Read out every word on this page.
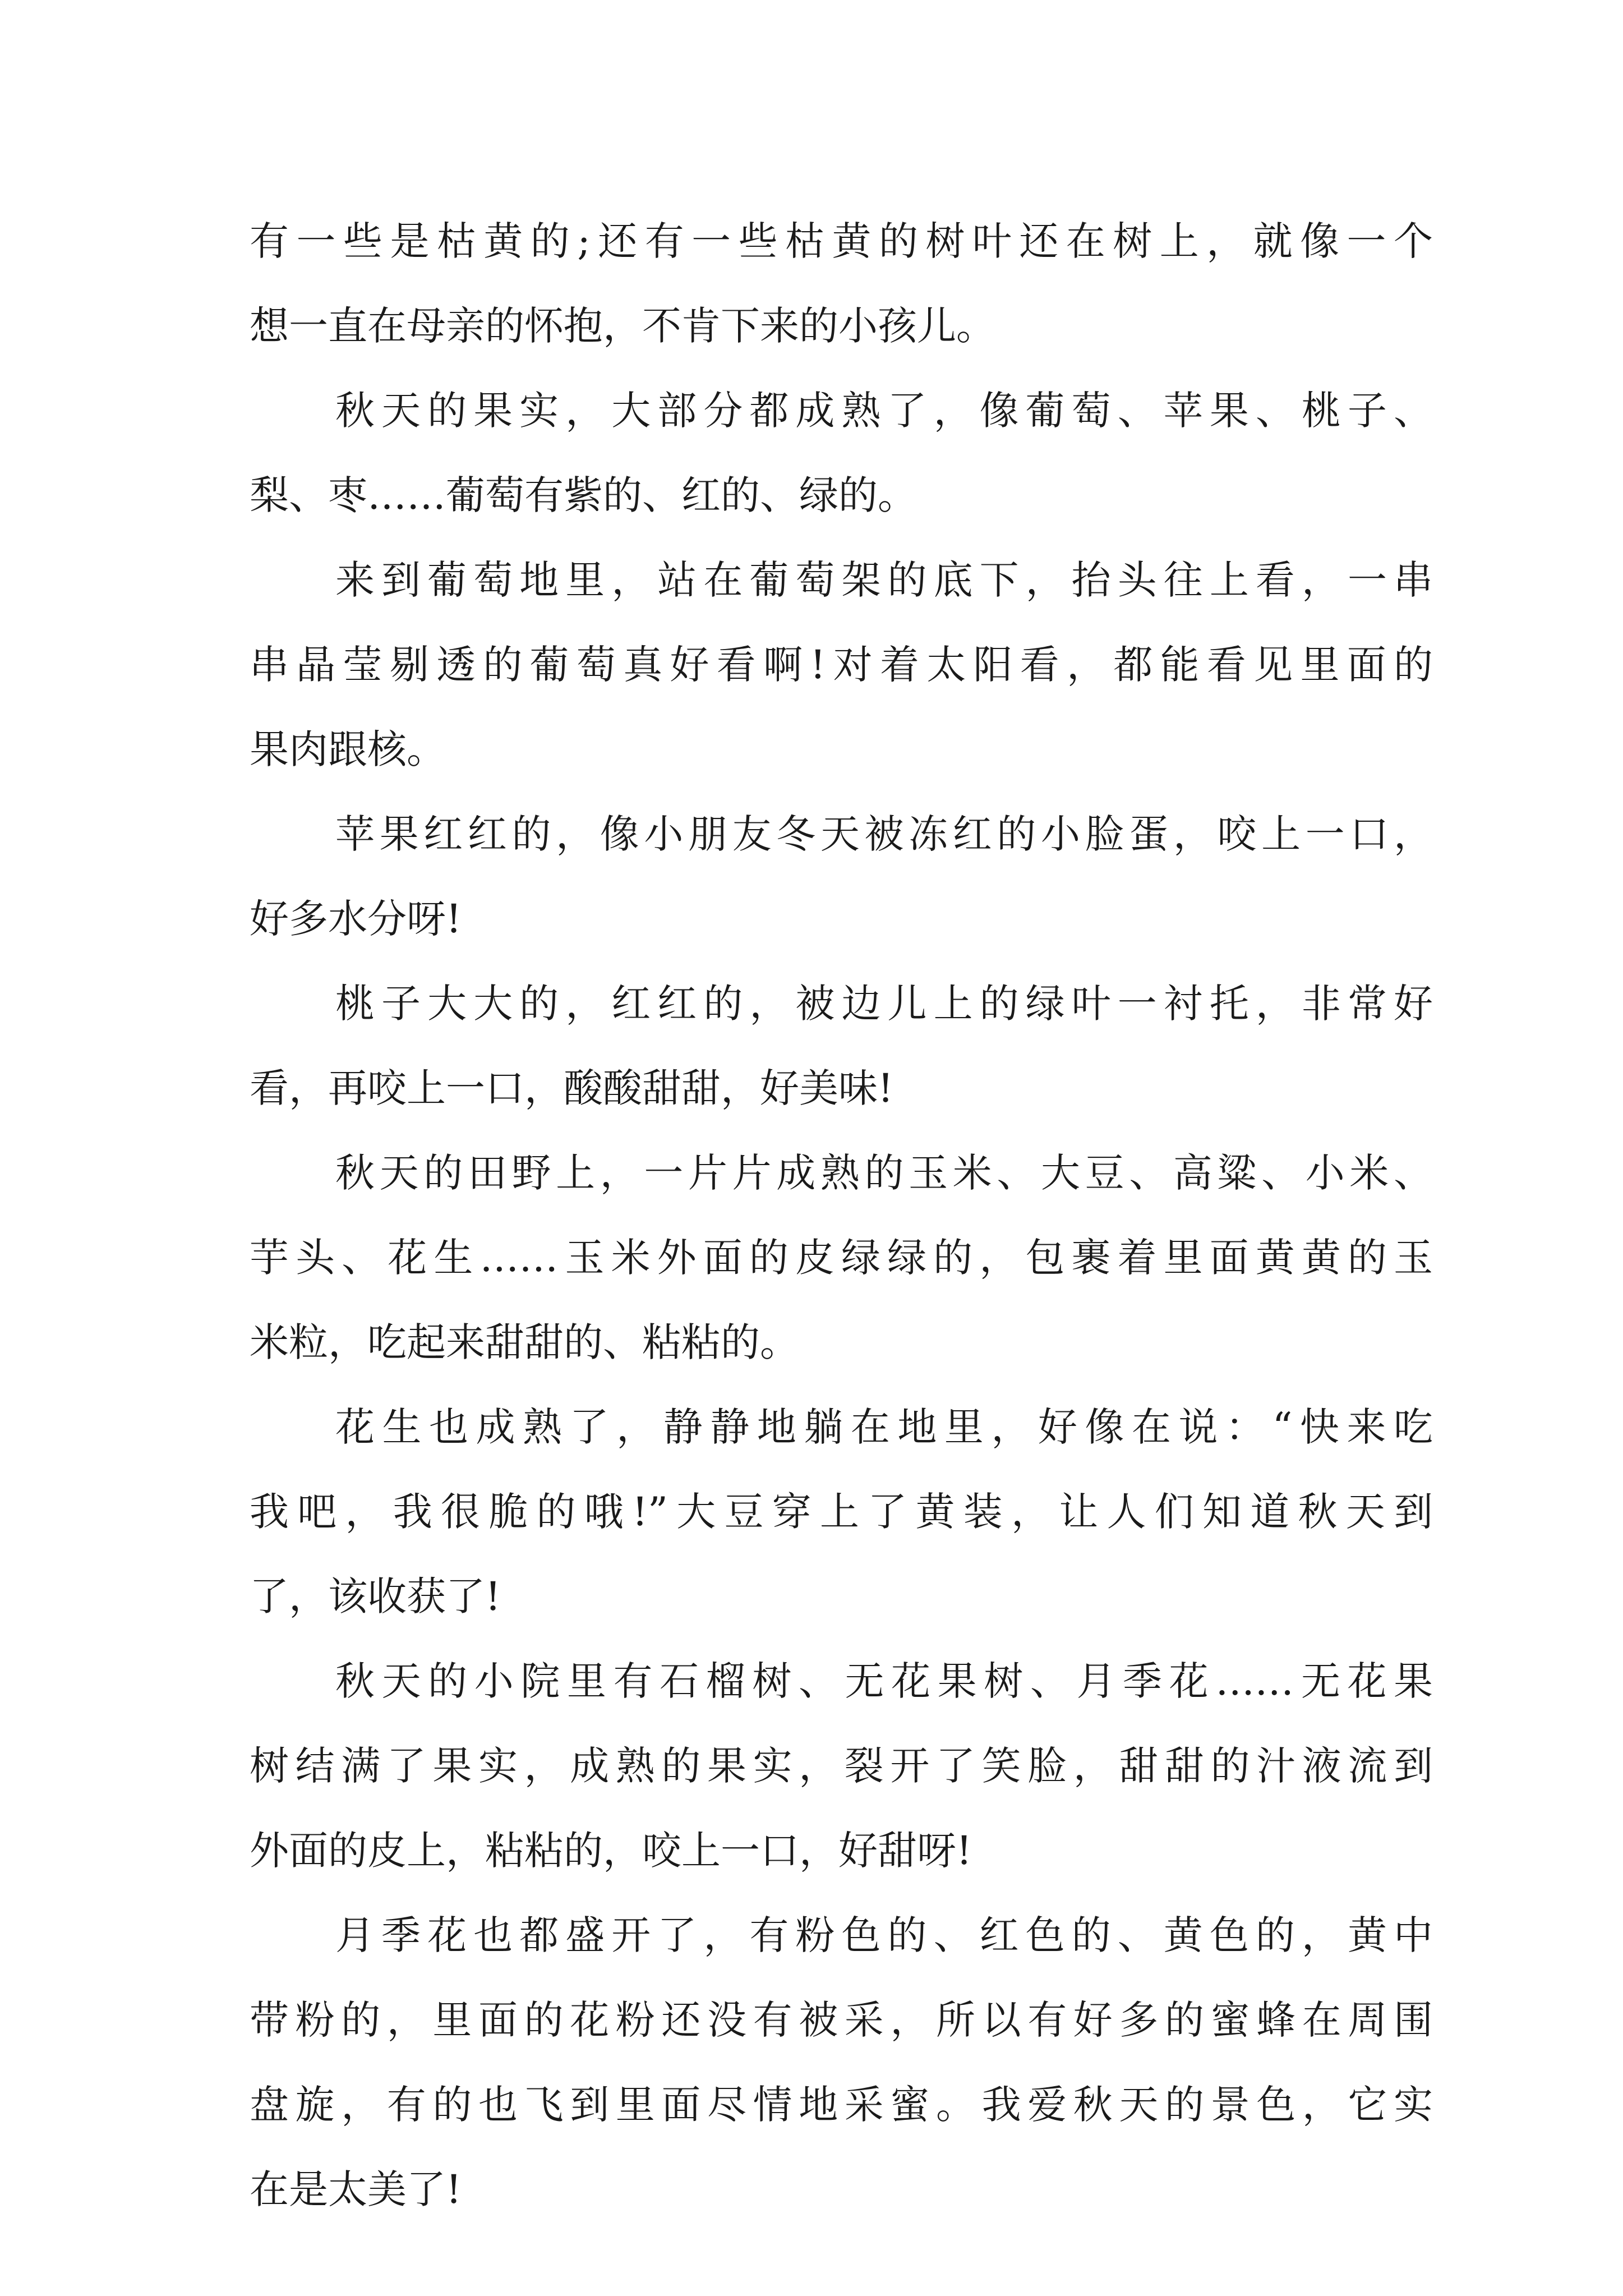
有一些是枯黄的;还有一些枯黄的树叶还在树上，就像一个
想一直在母亲的怀抱，不肯下来的小孩儿。
秋天的果实，大部分都成熟了，像葡萄、苹果、桃子、
梨、枣……葡萄有紫的、红的、绿的。
来到葡萄地里，站在葡萄架的底下，抬头往上看，一串
串晶莹剔透的葡萄真好看啊!对着太阳看，都能看见里面的
果肉跟核。
苹果红红的，像小朋友冬天被冻红的小脸蛋，咬上一口，
好多水分呀!
桃子大大的，红红的，被边儿上的绿叶一衬托，非常好
看，再咬上一口，酸酸甜甜，好美味!
秋天的田野上，一片片成熟的玉米、大豆、高粱、小米、
芋头、花生……玉米外面的皮绿绿的，包裹着里面黄黄的玉
米粒，吃起来甜甜的、粘粘的。
花生也成熟了，静静地躺在地里，好像在说：“快来吃
我吧，我很脆的哦!”大豆穿上了黄装，让人们知道秋天到
了，该收获了!
秋天的小院里有石榴树、无花果树、月季花……无花果
树结满了果实，成熟的果实，裂开了笑脸，甜甜的汁液流到
外面的皮上，粘粘的，咬上一口，好甜呀!
月季花也都盛开了，有粉色的、红色的、黄色的，黄中
带粉的，里面的花粉还没有被采，所以有好多的蜜蜂在周围
盘旋，有的也飞到里面尽情地采蜜。我爱秋天的景色，它实
在是太美了!
